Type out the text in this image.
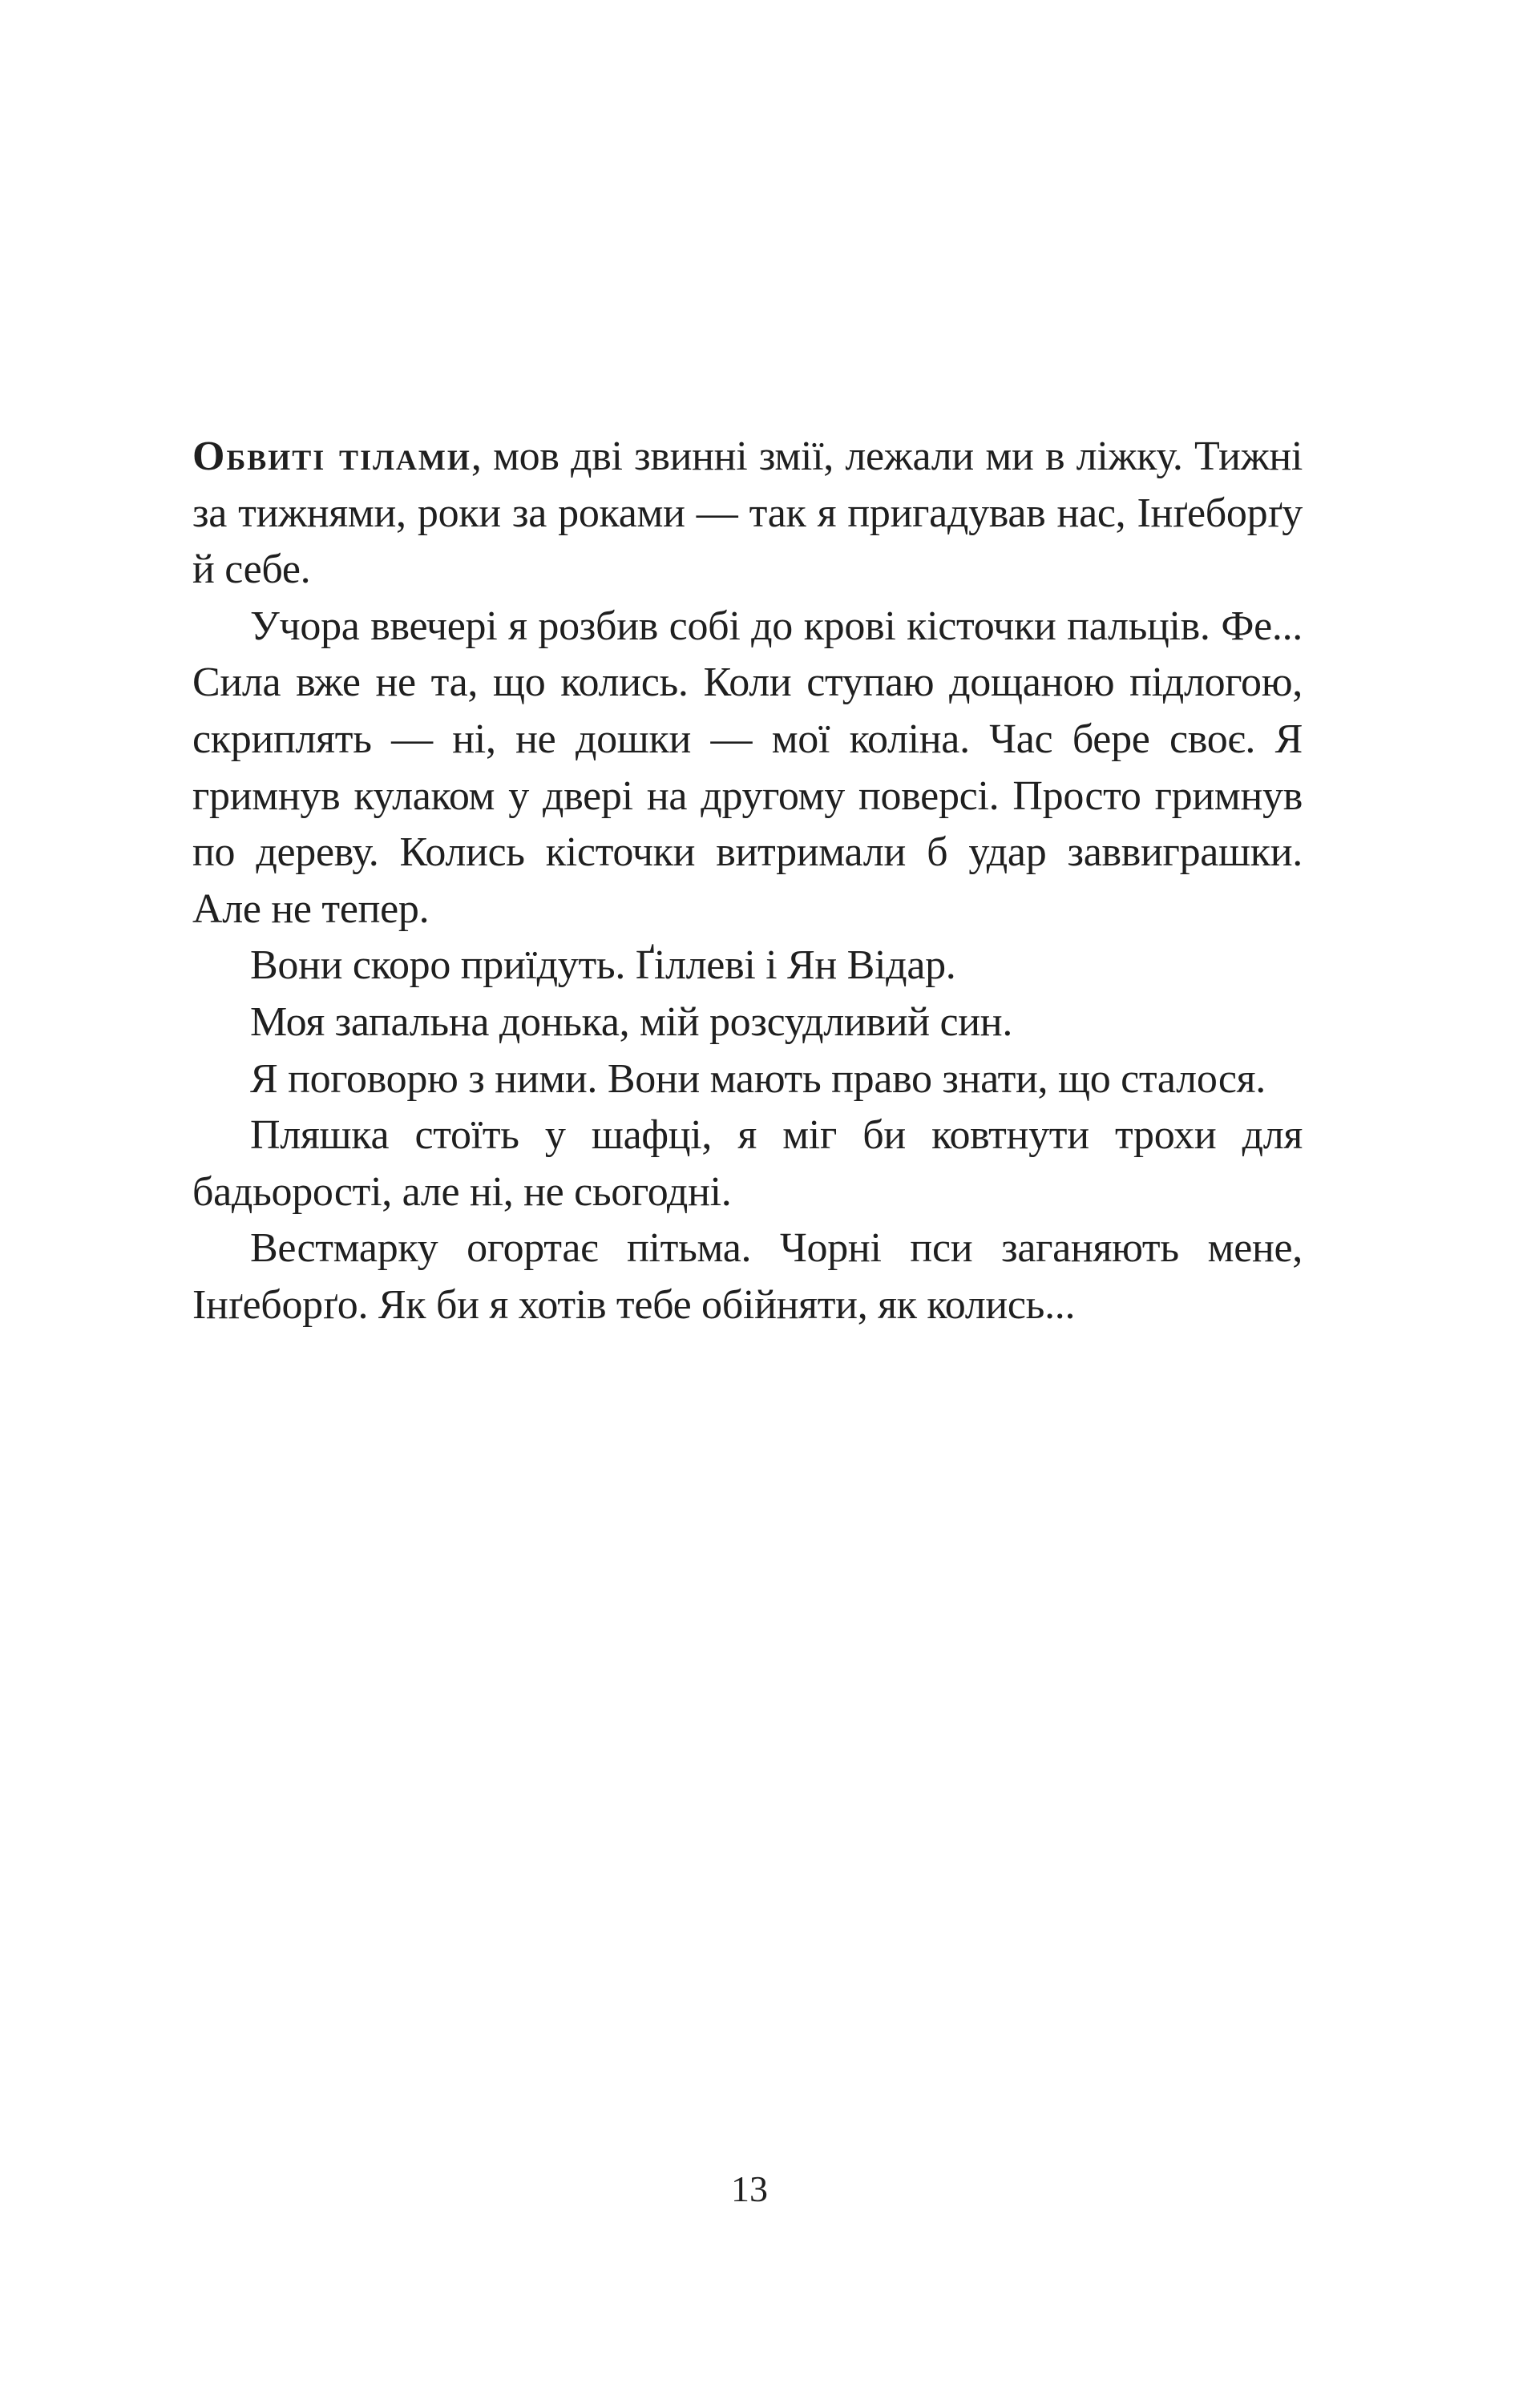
Обвиті тілами, мов дві звинні змії, лежали ми в ліжку. Тижні за тижнями, роки за роками — так я пригадував нас, Інґеборґу й себе.

Учора ввечері я розбив собі до крові кісточки пальців. Фе... Сила вже не та, що колись. Коли ступаю дощаною підлогою, скриплять — ні, не дошки — мої коліна. Час бере своє. Я гримнув кулаком у двері на другому поверсі. Просто гримнув по дереву. Колись кісточки витримали б удар заввиграшки. Але не тепер.

Вони скоро приїдуть. Ґіллеві і Ян Відар.

Моя запальна донька, мій розсудливий син.

Я поговорю з ними. Вони мають право знати, що сталося.

Пляшка стоїть у шафці, я міг би ковтнути трохи для бадьорості, але ні, не сьогодні.

Вестмарку огортає пітьма. Чорні пси заганяють мене, Інґеборґо. Як би я хотів тебе обійняти, як колись...

13
